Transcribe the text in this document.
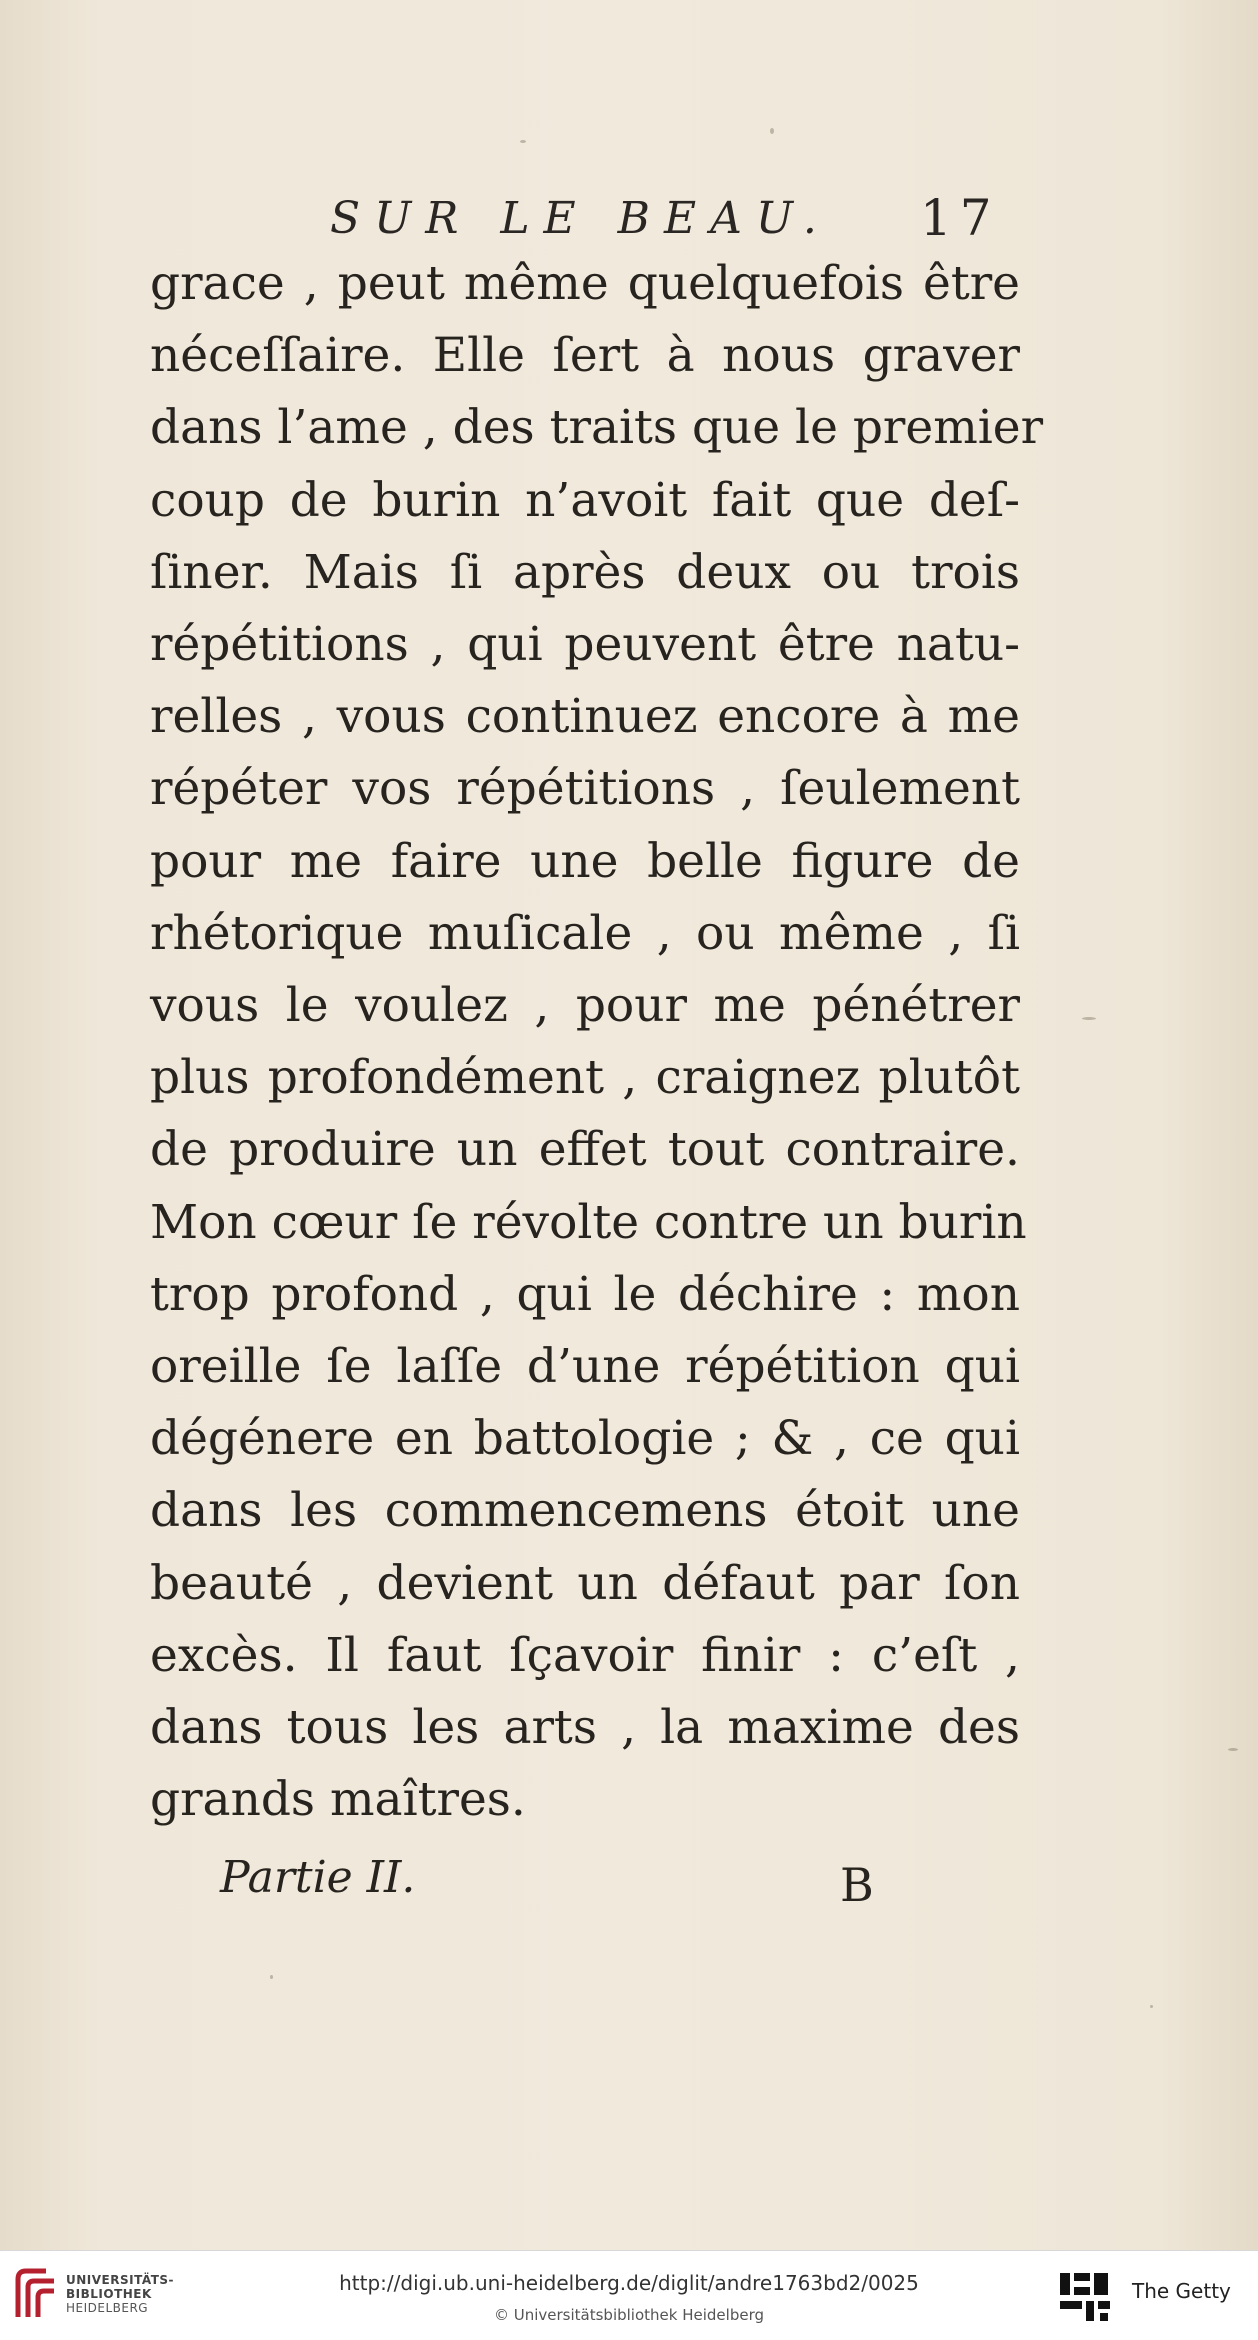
SUR LE BEAU. 17
grace , peut même quelquefois être
néceſſaire. Elle ſert à nous graver
dans l’ame , des traits que le premier
coup de burin n’avoit fait que deſ-
ſiner. Mais ſi après deux ou trois
répétitions , qui peuvent être natu-
relles , vous continuez encore à me
répéter vos répétitions , ſeulement
pour me faire une belle figure de
rhétorique muſicale , ou même , ſi
vous le voulez , pour me pénétrer
plus profondément , craignez plutôt
de produire un effet tout contraire.
Mon cœur ſe révolte contre un burin
trop profond , qui le déchire : mon
oreille ſe laſſe d’une répétition qui
dégénere en battologie ; & , ce qui
dans les commencemens étoit une
beauté , devient un défaut par ſon
excès. Il faut ſçavoir finir : c’eſt ,
dans tous les arts , la maxime des
grands maîtres.
Partie II.	B
UNIVERSITÄTS-
BIBLIOTHEK
HEIDELBERG
http://digi.ub.uni-heidelberg.de/diglit/andre1763bd2/0025
© Universitätsbibliothek Heidelberg
The Getty
